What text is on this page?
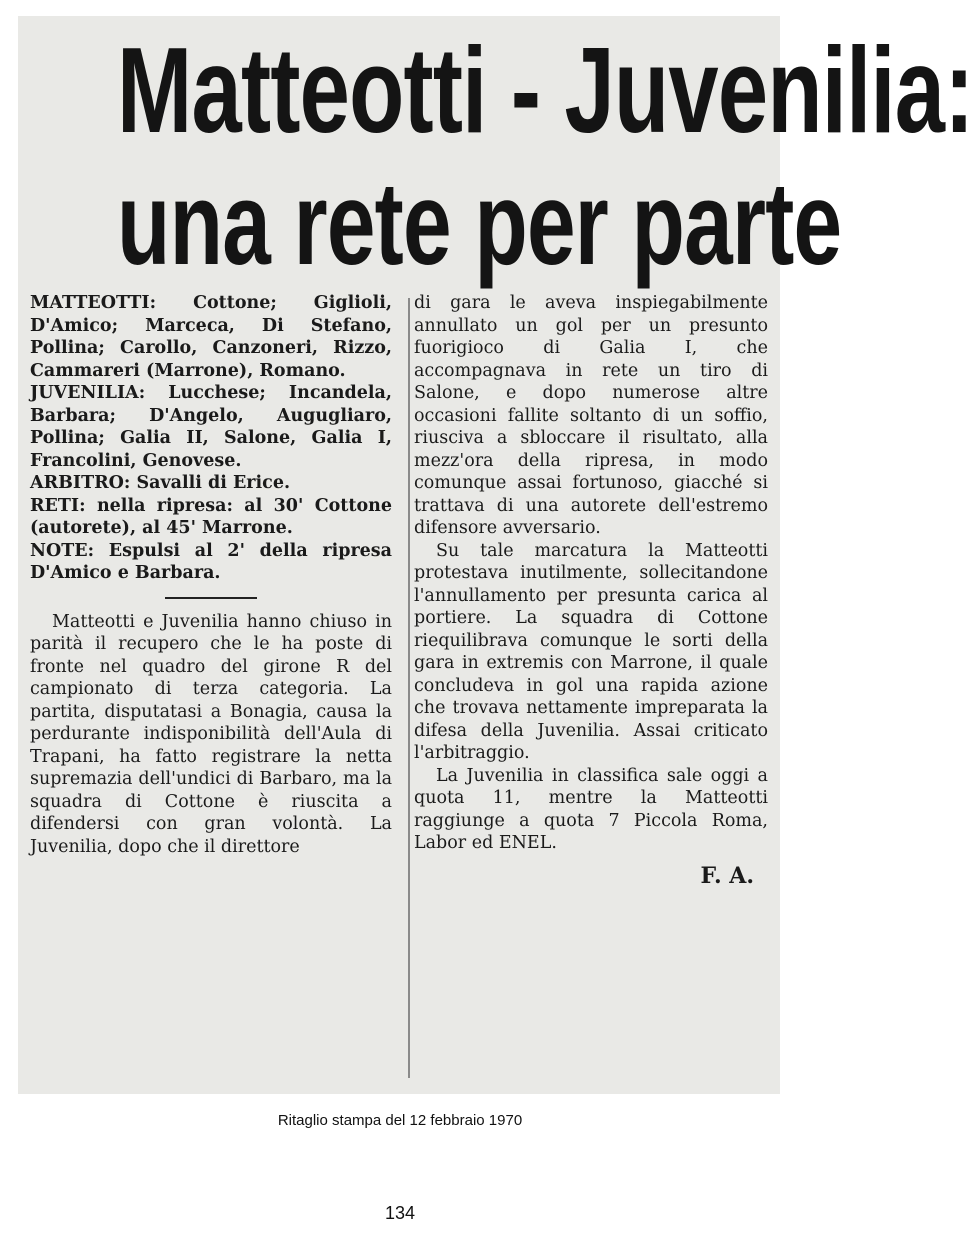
Matteotti - Juvenilia:
una rete per parte

MATTEOTTI: Cottone; Giglioli, D'Amico; Marceca, Di Stefano, Pollina; Carollo, Canzoneri, Rizzo, Cammareri (Marrone), Romano.

JUVENILIA: Lucchese; Incandela, Barbara; D'Angelo, Augugliaro, Pollina; Galia II, Salone, Galia I, Francolini, Genovese.

ARBITRO: Savalli di Erice.

RETI: nella ripresa: al 30' Cottone (autorete), al 45' Marrone.

NOTE: Espulsi al 2' della ripresa D'Amico e Barbara.

Matteotti e Juvenilia hanno chiuso in parità il recupero che le ha poste di fronte nel quadro del girone R del campionato di terza categoria. La partita, disputatasi a Bonagia, causa la perdurante indisponibilità dell'Aula di Trapani, ha fatto registrare la netta supremazia dell'undici di Barbaro, ma la squadra di Cottone è riuscita a difendersi con gran volontà. La Juvenilia, dopo che il direttore

di gara le aveva inspiegabilmente annullato un gol per un presunto fuorigioco di Galia I, che accompagnava in rete un tiro di Salone, e dopo numerose altre occasioni fallite soltanto di un soffio, riusciva a sbloccare il risultato, alla mezz'ora della ripresa, in modo comunque assai fortunoso, giacché si trattava di una autorete dell'estremo difensore avversario.

Su tale marcatura la Matteotti protestava inutilmente, sollecitandone l'annullamento per presunta carica al portiere. La squadra di Cottone riequilibrava comunque le sorti della gara in extremis con Marrone, il quale concludeva in gol una rapida azione che trovava nettamente impreparata la difesa della Juvenilia. Assai criticato l'arbitraggio.

La Juvenilia in classifica sale oggi a quota 11, mentre la Matteotti raggiunge a quota 7 Piccola Roma, Labor ed ENEL.

F. A.

Ritaglio stampa del 12 febbraio 1970
134
